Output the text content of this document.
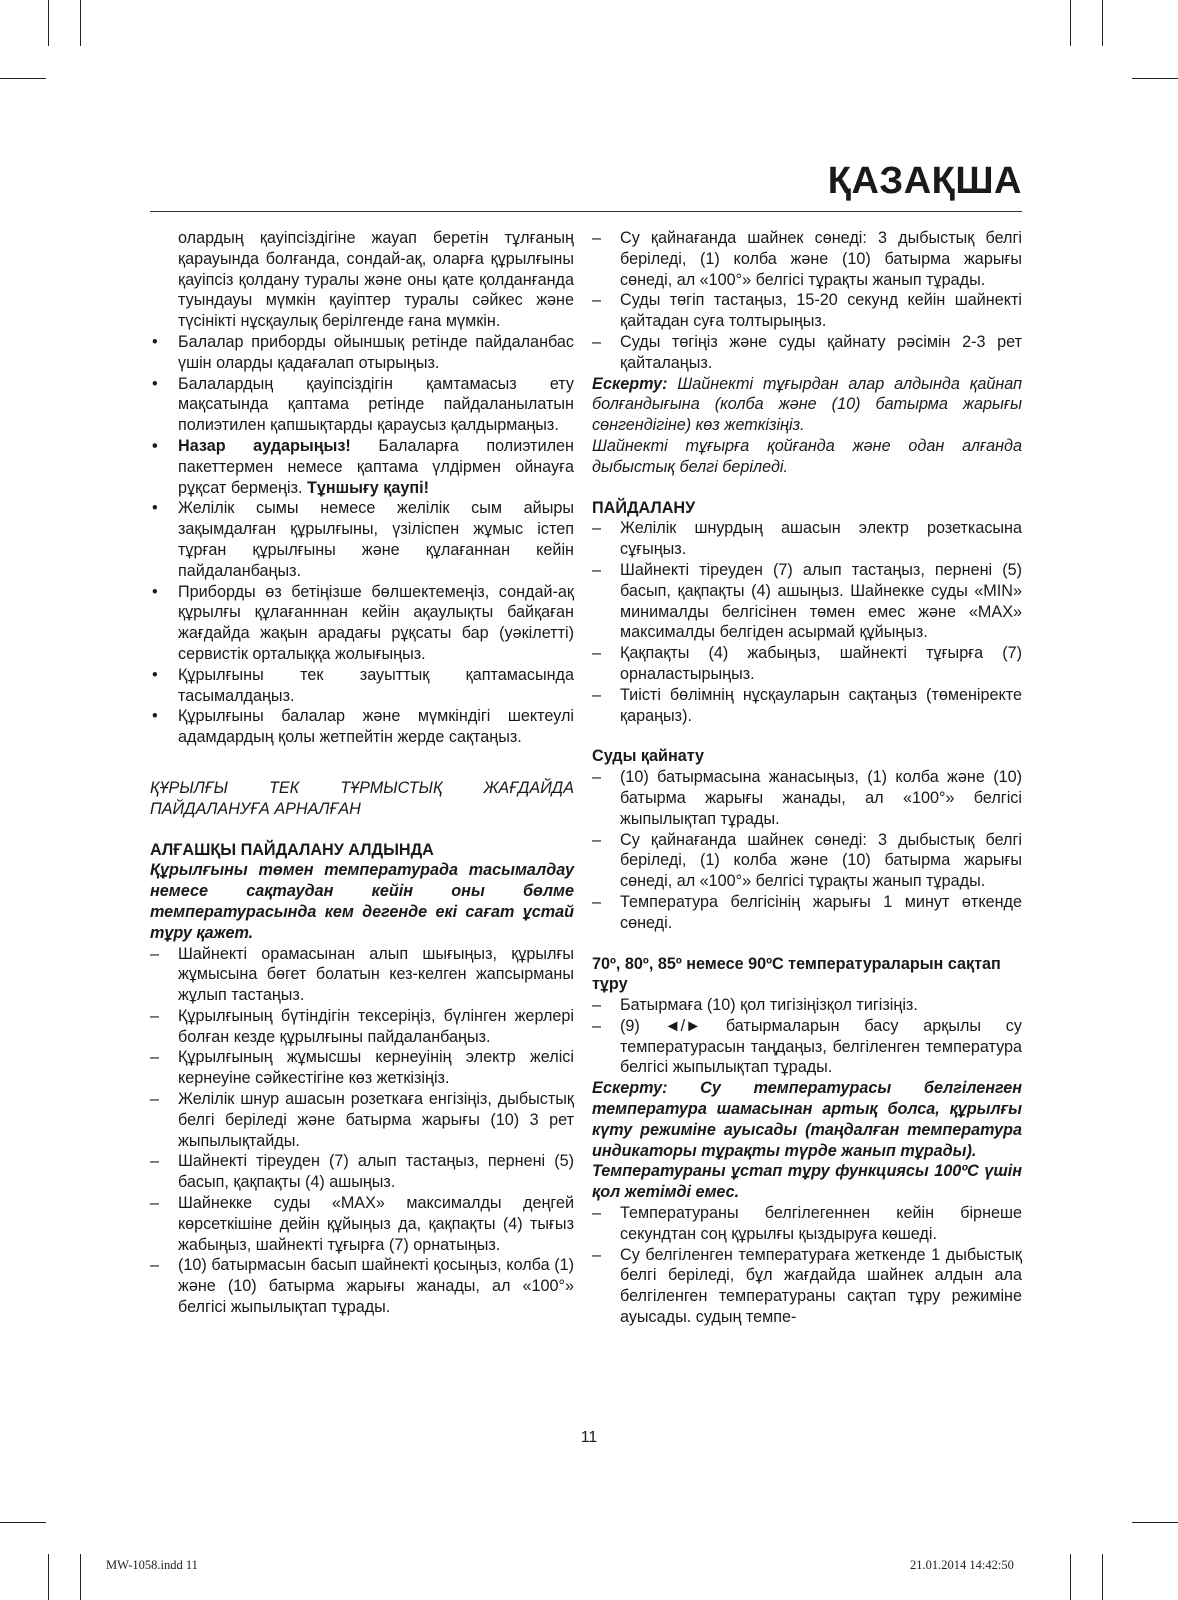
ҚАЗАҚША

олардың қауіпсіздігіне жауап беретін тұлғаның қарауында болғанда, сондай-ақ, оларға құрылғыны қауіпсіз қолдану туралы және оны қате қолданғанда туындауы мүмкін қауіптер туралы сәйкес және түсінікті нұсқаулық берілгенде ғана мүмкін.

• Балалар приборды ойыншық ретінде пайдаланбас үшін оларды қадағалап отырыңыз.

• Балалардың қауіпсіздігін қамтамасыз ету мақсатында қаптама ретінде пайдаланылатын полиэтилен қапшықтарды қараусыз қалдырмаңыз.

• Назар аударыңыз! Балаларға полиэтилен пакеттермен немесе қаптама үлдірмен ойнауға рұқсат бермеңіз. Тұншығу қаупі!

• Желілік сымы немесе желілік сым айыры зақымдалған құрылғыны, үзіліспен жұмыс істеп тұрған құрылғыны және құлағаннан кейін пайдаланбаңыз.

• Приборды өз бетіңізше бөлшектемеңіз, сондай-ақ құрылғы құлағанннан кейін ақаулықты байқаған жағдайда жақын арадағы рұқсаты бар (уәкілетті) сервистік орталыққа жолығыңыз.

• Құрылғыны тек зауыттық қаптамасында тасымалдаңыз.

• Құрылғыны балалар және мүмкіндігі шектеулі адамдардың қолы жетпейтін жерде сақтаңыз.

ҚҰРЫЛҒЫ ТЕК ТҰРМЫСТЫҚ ЖАҒДАЙДА ПАЙДАЛАНУҒА АРНАЛҒАН

АЛҒАШҚЫ ПАЙДАЛАНУ АЛДЫНДА

Құрылғыны төмен температурада тасымалдау немесе сақтаудан кейін оны бөлме температурасында кем дегенде екі сағат ұстай тұру қажет.

– Шайнекті орамасынан алып шығыңыз, құрылғы жұмысына бөгет болатын кез-келген жапсырманы жұлып тастаңыз.

– Құрылғының бүтіндігін тексеріңіз, бүлінген жерлері болған кезде құрылғыны пайдаланбаңыз.

– Құрылғының жұмысшы кернеуінің электр желісі кернеуіне сәйкестігіне көз жеткізіңіз.

– Желілік шнур ашасын розеткаға енгізіңіз, дыбыстық белгі беріледі және батырма жарығы (10) 3 рет жыпылықтайды.

– Шайнекті тіреуден (7) алып тастаңыз, пернені (5) басып, қақпақты (4) ашыңыз.

– Шайнекке суды «MAX» максималды деңгей көрсеткішіне дейін құйыңыз да, қақпақты (4) тығыз жабыңыз, шайнекті тұғырға (7) орнатыңыз.

– (10) батырмасын басып шайнекті қосыңыз, колба (1) және (10) батырма жарығы жанады, ал «100°» белгісі жыпылықтап тұрады.

– Су қайнағанда шайнек сөнеді: 3 дыбыстық белгі беріледі, (1) колба және (10) батырма жарығы сөнеді, ал «100°» белгісі тұрақты жанып тұрады.

– Суды төгіп тастаңыз, 15-20 секунд кейін шайнекті қайтадан суға толтырыңыз.

– Суды төгіңіз және суды қайнату рәсімін 2-3 рет қайталаңыз.

Ескерту: Шайнекті тұғырдан алар алдында қайнап болғандығына (колба және (10) батырма жарығы сөнгендігіне) көз жеткізіңіз.

Шайнекті тұғырға қойғанда және одан алғанда дыбыстық белгі беріледі.

ПАЙДАЛАНУ

– Желілік шнурдың ашасын электр розеткасына сұғыңыз.

– Шайнекті тіреуден (7) алып тастаңыз, пернені (5) басып, қақпақты (4) ашыңыз. Шайнекке суды «MIN» минималды белгісінен төмен емес және «MAX» максималды белгіден асырмай құйыңыз.

– Қақпақты (4) жабыңыз, шайнекті тұғырға (7) орналастырыңыз.

– Тиісті бөлімнің нұсқауларын сақтаңыз (төменіректе қараңыз).

Суды қайнату

– (10) батырмасына жанасыңыз, (1) колба және (10) батырма жарығы жанады, ал «100°» белгісі жыпылықтап тұрады.

– Су қайнағанда шайнек сөнеді: 3 дыбыстық белгі беріледі, (1) колба және (10) батырма жарығы сөнеді, ал «100°» белгісі тұрақты жанып тұрады.

– Температура белгісінің жарығы 1 минут өткенде сөнеді.

70º, 80º, 85º немесе 90ºC температураларын сақтап тұру

– Батырмаға (10) қол тигізіңізқол тигізіңіз.

– (9) ◄/► батырмаларын басу арқылы су температурасын таңдаңыз, белгіленген температура белгісі жыпылықтап тұрады.

Ескерту: Су температурасы белгіленген температура шамасынан артық болса, құрылғы күту режиміне ауысады (таңдалған температура индикаторы тұрақты түрде жанып тұрады).

Температураны ұстап тұру функциясы 100ºC үшін қол жетімді емес.

– Температураны белгілегеннен кейін бірнеше секундтан соң құрылғы қыздыруға көшеді.

– Су белгіленген температураға жеткенде 1 дыбыстық белгі беріледі, бұл жағдайда шайнек алдын ала белгіленген температураны сақтап тұру режиміне ауысады. судың темпе-

11
MW-1058.indd 11	21.01.2014 14:42:50
